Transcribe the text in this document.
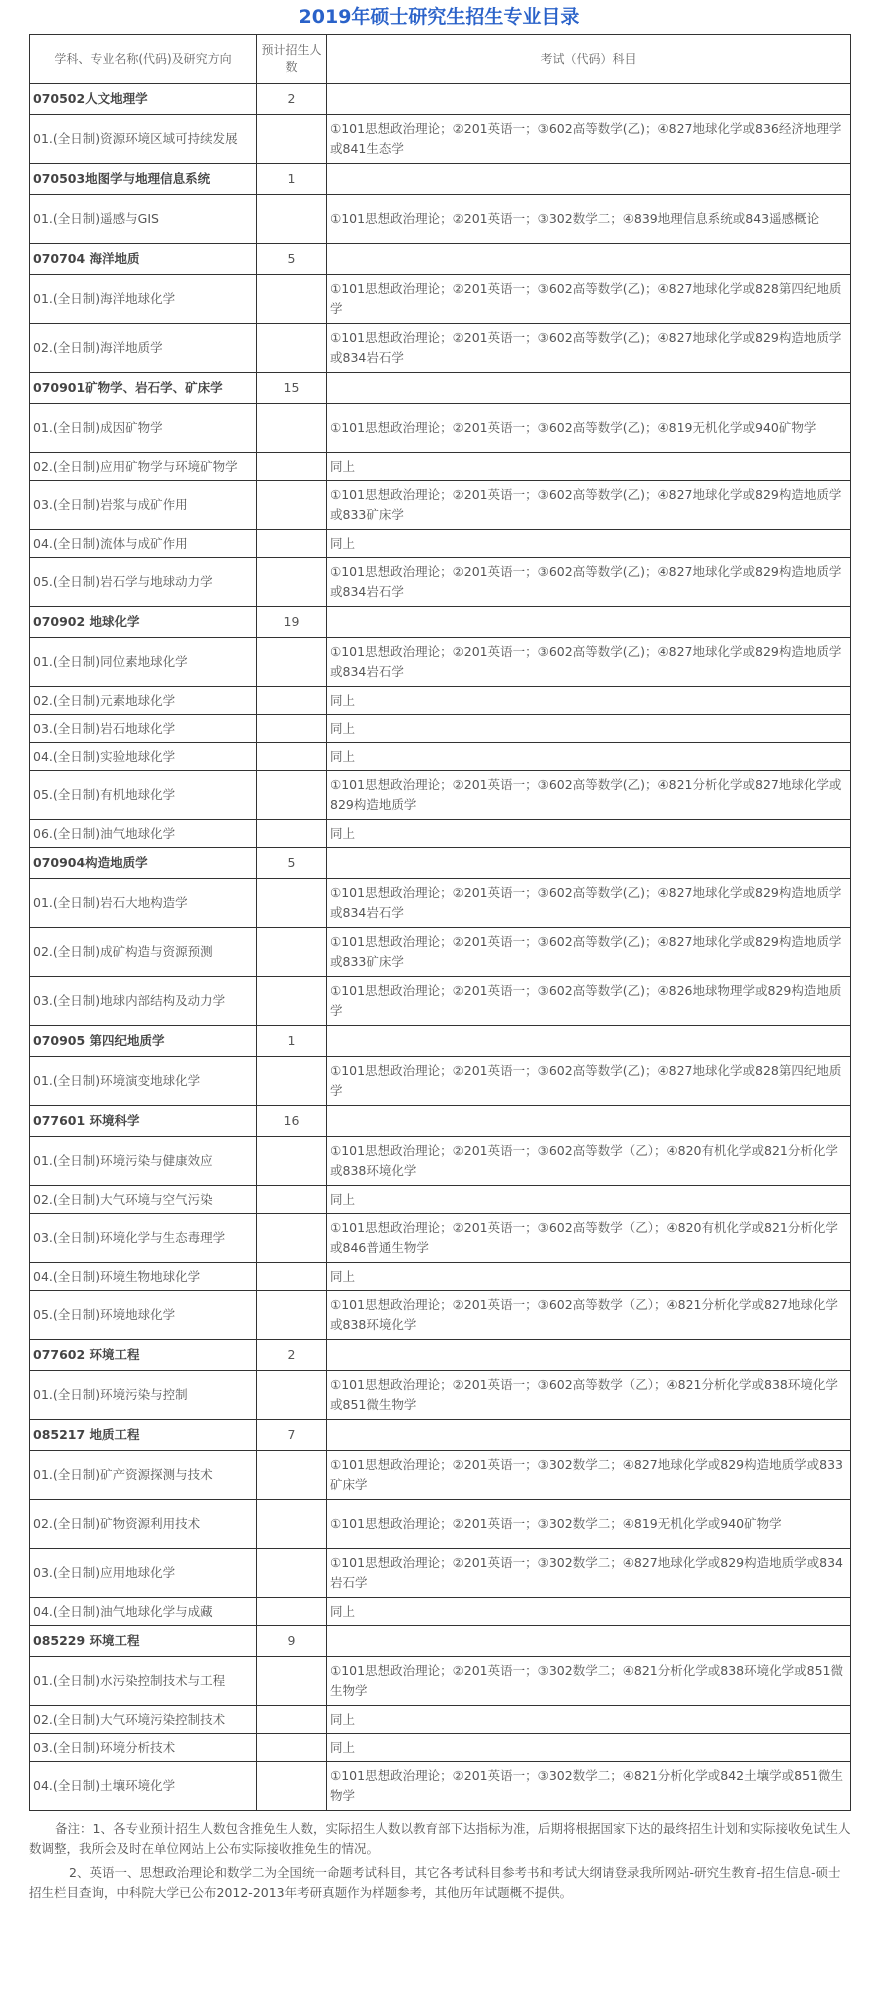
2019年硕士研究生招生专业目录
学科、专业名称(代码)及研究方向	预计招生人数	考试（代码）科目
070502人文地理学	2	
01.(全日制)资源环境区域可持续发展		①101思想政治理论；②201英语一；③602高等数学(乙)；④827地球化学或836经济地理学或841生态学
070503地图学与地理信息系统	1	
01.(全日制)遥感与GIS		①101思想政治理论；②201英语一；③302数学二；④839地理信息系统或843遥感概论
070704 海洋地质	5	
01.(全日制)海洋地球化学		①101思想政治理论；②201英语一；③602高等数学(乙)；④827地球化学或828第四纪地质学
02.(全日制)海洋地质学		①101思想政治理论；②201英语一；③602高等数学(乙)；④827地球化学或829构造地质学或834岩石学
070901矿物学、岩石学、矿床学	15	
01.(全日制)成因矿物学		①101思想政治理论；②201英语一；③602高等数学(乙)；④819无机化学或940矿物学
02.(全日制)应用矿物学与环境矿物学		同上
03.(全日制)岩浆与成矿作用		①101思想政治理论；②201英语一；③602高等数学(乙)；④827地球化学或829构造地质学或833矿床学
04.(全日制)流体与成矿作用		同上
05.(全日制)岩石学与地球动力学		①101思想政治理论；②201英语一；③602高等数学(乙)；④827地球化学或829构造地质学或834岩石学
070902 地球化学	19	
01.(全日制)同位素地球化学		①101思想政治理论；②201英语一；③602高等数学(乙)；④827地球化学或829构造地质学或834岩石学
02.(全日制)元素地球化学		同上
03.(全日制)岩石地球化学		同上
04.(全日制)实验地球化学		同上
05.(全日制)有机地球化学		①101思想政治理论；②201英语一；③602高等数学(乙)；④821分析化学或827地球化学或829构造地质学
06.(全日制)油气地球化学		同上
070904构造地质学	5	
01.(全日制)岩石大地构造学		①101思想政治理论；②201英语一；③602高等数学(乙)；④827地球化学或829构造地质学或834岩石学
02.(全日制)成矿构造与资源预测		①101思想政治理论；②201英语一；③602高等数学(乙)；④827地球化学或829构造地质学或833矿床学
03.(全日制)地球内部结构及动力学		①101思想政治理论；②201英语一；③602高等数学(乙)；④826地球物理学或829构造地质学
070905 第四纪地质学	1	
01.(全日制)环境演变地球化学		①101思想政治理论；②201英语一；③602高等数学(乙)；④827地球化学或828第四纪地质学
077601 环境科学	16	
01.(全日制)环境污染与健康效应		①101思想政治理论；②201英语一；③602高等数学（乙）；④820有机化学或821分析化学或838环境化学
02.(全日制)大气环境与空气污染		同上
03.(全日制)环境化学与生态毒理学		①101思想政治理论；②201英语一；③602高等数学（乙）；④820有机化学或821分析化学或846普通生物学
04.(全日制)环境生物地球化学		同上
05.(全日制)环境地球化学		①101思想政治理论；②201英语一；③602高等数学（乙）；④821分析化学或827地球化学或838环境化学
077602 环境工程	2	
01.(全日制)环境污染与控制		①101思想政治理论；②201英语一；③602高等数学（乙）；④821分析化学或838环境化学或851微生物学
085217 地质工程	7	
01.(全日制)矿产资源探测与技术		①101思想政治理论；②201英语一；③302数学二；④827地球化学或829构造地质学或833矿床学
02.(全日制)矿物资源利用技术		①101思想政治理论；②201英语一；③302数学二；④819无机化学或940矿物学
03.(全日制)应用地球化学		①101思想政治理论；②201英语一；③302数学二；④827地球化学或829构造地质学或834岩石学
04.(全日制)油气地球化学与成藏		同上
085229 环境工程	9	
01.(全日制)水污染控制技术与工程		①101思想政治理论；②201英语一；③302数学二；④821分析化学或838环境化学或851微生物学
02.(全日制)大气环境污染控制技术		同上
03.(全日制)环境分析技术		同上
04.(全日制)土壤环境化学		①101思想政治理论；②201英语一；③302数学二；④821分析化学或842土壤学或851微生物学

备注：1、各专业预计招生人数包含推免生人数，实际招生人数以教育部下达指标为准，后期将根据国家下达的最终招生计划和实际接收免试生人数调整，我所会及时在单位网站上公布实际接收推免生的情况。

2、英语一、思想政治理论和数学二为全国统一命题考试科目，其它各考试科目参考书和考试大纲请登录我所网站-研究生教育-招生信息-硕士招生栏目查询，中科院大学已公布2012-2013年考研真题作为样题参考，其他历年试题概不提供。
